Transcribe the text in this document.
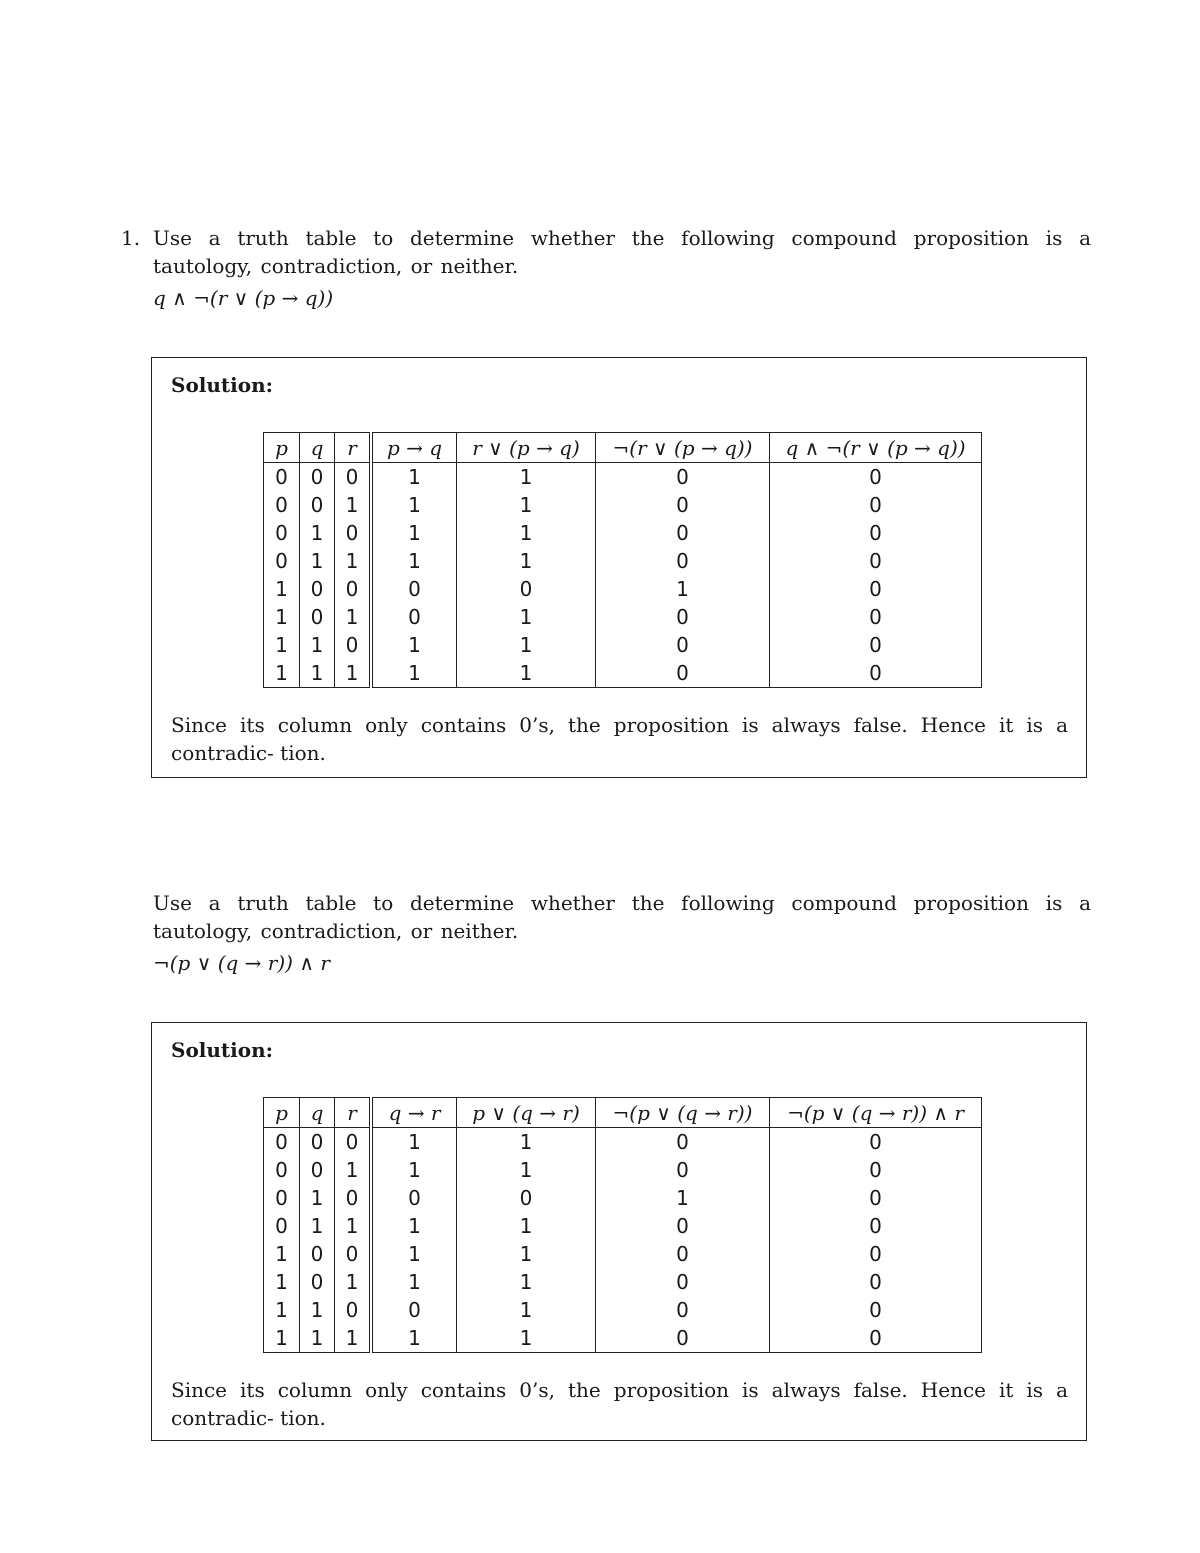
1. Use a truth table to determine whether the following compound proposition is a tautology, contradiction, or neither.
q ∧ ¬(r ∨ (p → q))
Solution:
p	q	r	p → q	r ∨ (p → q)	¬(r ∨ (p → q))	q ∧ ¬(r ∨ (p → q))
0	0	0	1	1	0	0
0	0	1	1	1	0	0
0	1	0	1	1	0	0
0	1	1	1	1	0	0
1	0	0	0	0	1	0
1	0	1	0	1	0	0
1	1	0	1	1	0	0
1	1	1	1	1	0	0
Since its column only contains 0’s, the proposition is always false. Hence it is a contradic- tion.
Use a truth table to determine whether the following compound proposition is a tautology, contradiction, or neither.
¬(p ∨ (q → r)) ∧ r
Solution:
p	q	r	q → r	p ∨ (q → r)	¬(p ∨ (q → r))	¬(p ∨ (q → r)) ∧ r
0	0	0	1	1	0	0
0	0	1	1	1	0	0
0	1	0	0	0	1	0
0	1	1	1	1	0	0
1	0	0	1	1	0	0
1	0	1	1	1	0	0
1	1	0	0	1	0	0
1	1	1	1	1	0	0
Since its column only contains 0’s, the proposition is always false. Hence it is a contradic- tion.
